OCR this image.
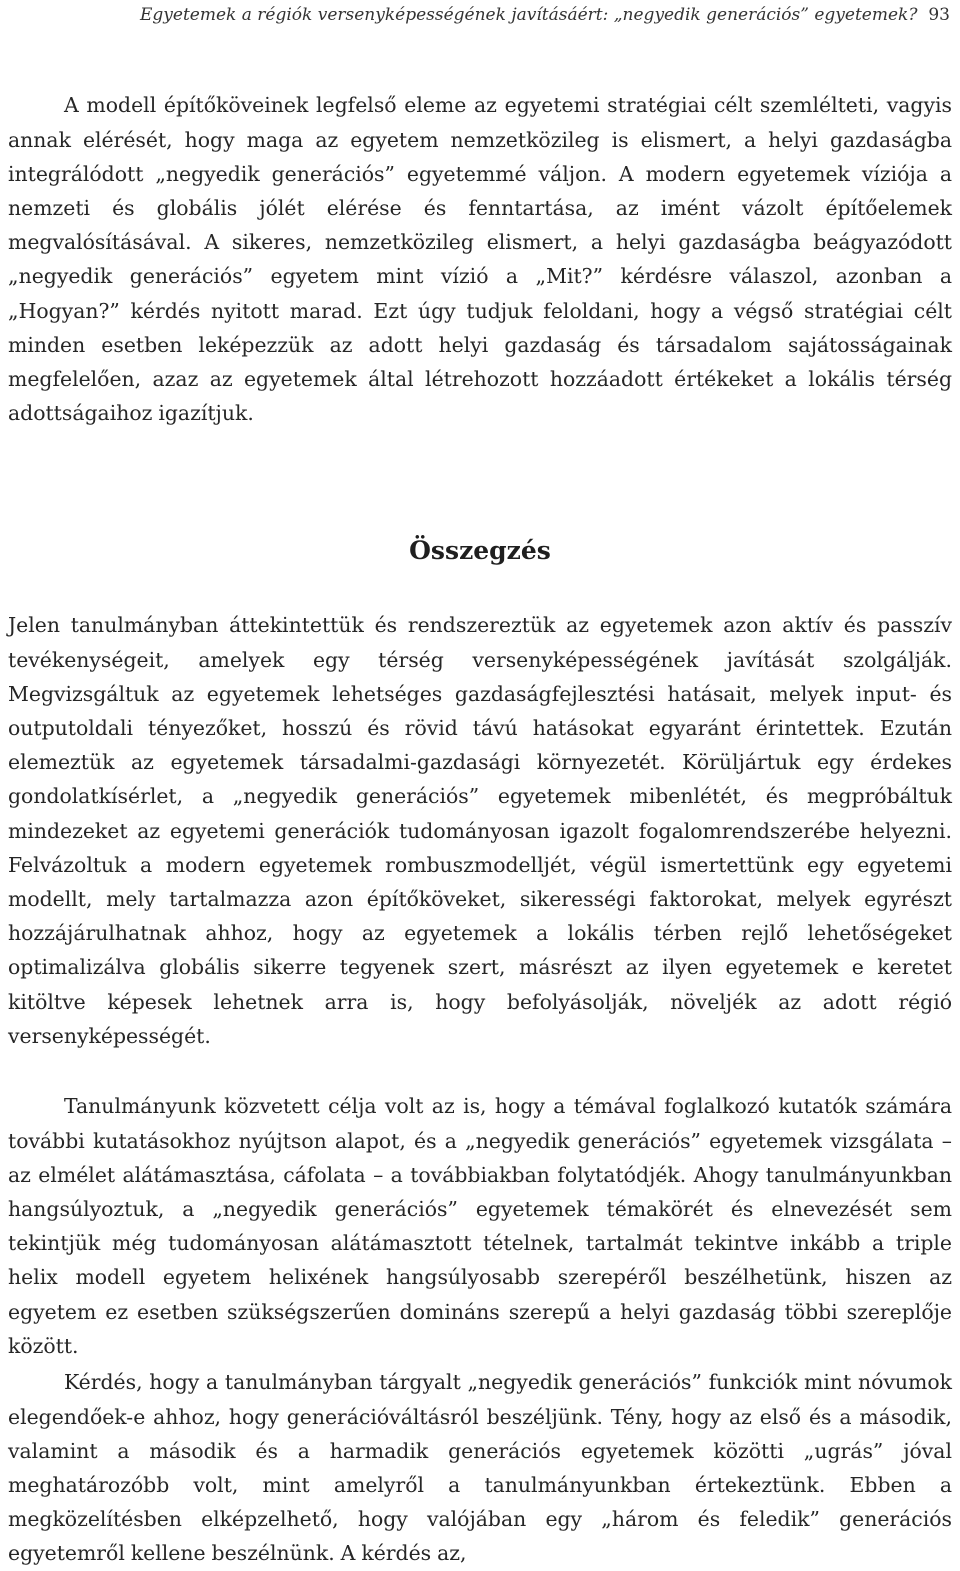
Egyetemek a régiók versenyképességének javításáért: „negyedik generációs” egyetemek? 93

A modell építőköveinek legfelső eleme az egyetemi stratégiai célt szemlélteti, vagyis annak elérését, hogy maga az egyetem nemzetközileg is elismert, a helyi gazdaságba integrálódott „negyedik generációs” egyetemmé váljon. A modern egyetemek víziója a nemzeti és globális jólét elérése és fenntartása, az imént vázolt építőelemek megvalósításával. A sikeres, nemzetközileg elismert, a helyi gazdaságba beágyazódott „negyedik generációs” egyetem mint vízió a „Mit?” kérdésre válaszol, azonban a „Hogyan?” kérdés nyitott marad. Ezt úgy tudjuk feloldani, hogy a végső stratégiai célt minden esetben leképezzük az adott helyi gazdaság és társadalom sajátosságainak megfelelően, azaz az egyetemek által létrehozott hozzáadott értékeket a lokális térség adottságaihoz igazítjuk.

Összegzés

Jelen tanulmányban áttekintettük és rendszereztük az egyetemek azon aktív és passzív tevékenységeit, amelyek egy térség versenyképességének javítását szolgálják. Megvizsgáltuk az egyetemek lehetséges gazdaságfejlesztési hatásait, melyek input- és outputoldali tényezőket, hosszú és rövid távú hatásokat egyaránt érintettek. Ezután elemeztük az egyetemek társadalmi-gazdasági környezetét. Körüljártuk egy érdekes gondolatkísérlet, a „negyedik generációs” egyetemek mibenlétét, és megpróbáltuk mindezeket az egyetemi generációk tudományosan igazolt fogalomrendszerébe helyezni. Felvázoltuk a modern egyetemek rombuszmodelljét, végül ismertettünk egy egyetemi modellt, mely tartalmazza azon építőköveket, sikerességi faktorokat, melyek egyrészt hozzájárulhatnak ahhoz, hogy az egyetemek a lokális térben rejlő lehetőségeket optimalizálva globális sikerre tegyenek szert, másrészt az ilyen egyetemek e keretet kitöltve képesek lehetnek arra is, hogy befolyásolják, növeljék az adott régió versenyképességét.

Tanulmányunk közvetett célja volt az is, hogy a témával foglalkozó kutatók számára további kutatásokhoz nyújtson alapot, és a „negyedik generációs” egyetemek vizsgálata – az elmélet alátámasztása, cáfolata – a továbbiakban folytatódjék. Ahogy tanulmányunkban hangsúlyoztuk, a „negyedik generációs” egyetemek témakörét és elnevezését sem tekintjük még tudományosan alátámasztott tételnek, tartalmát tekintve inkább a triple helix modell egyetem helixének hangsúlyosabb szerepéről beszélhetünk, hiszen az egyetem ez esetben szükségszerűen domináns szerepű a helyi gazdaság többi szereplője között.

Kérdés, hogy a tanulmányban tárgyalt „negyedik generációs” funkciók mint nóvumok elegendőek-e ahhoz, hogy generációváltásról beszéljünk. Tény, hogy az első és a második, valamint a második és a harmadik generációs egyetemek közötti „ugrás” jóval meghatározóbb volt, mint amelyről a tanulmányunkban értekeztünk. Ebben a megközelítésben elképzelhető, hogy valójában egy „három és feledik” generációs egyetemről kellene beszélnünk. A kérdés az,
